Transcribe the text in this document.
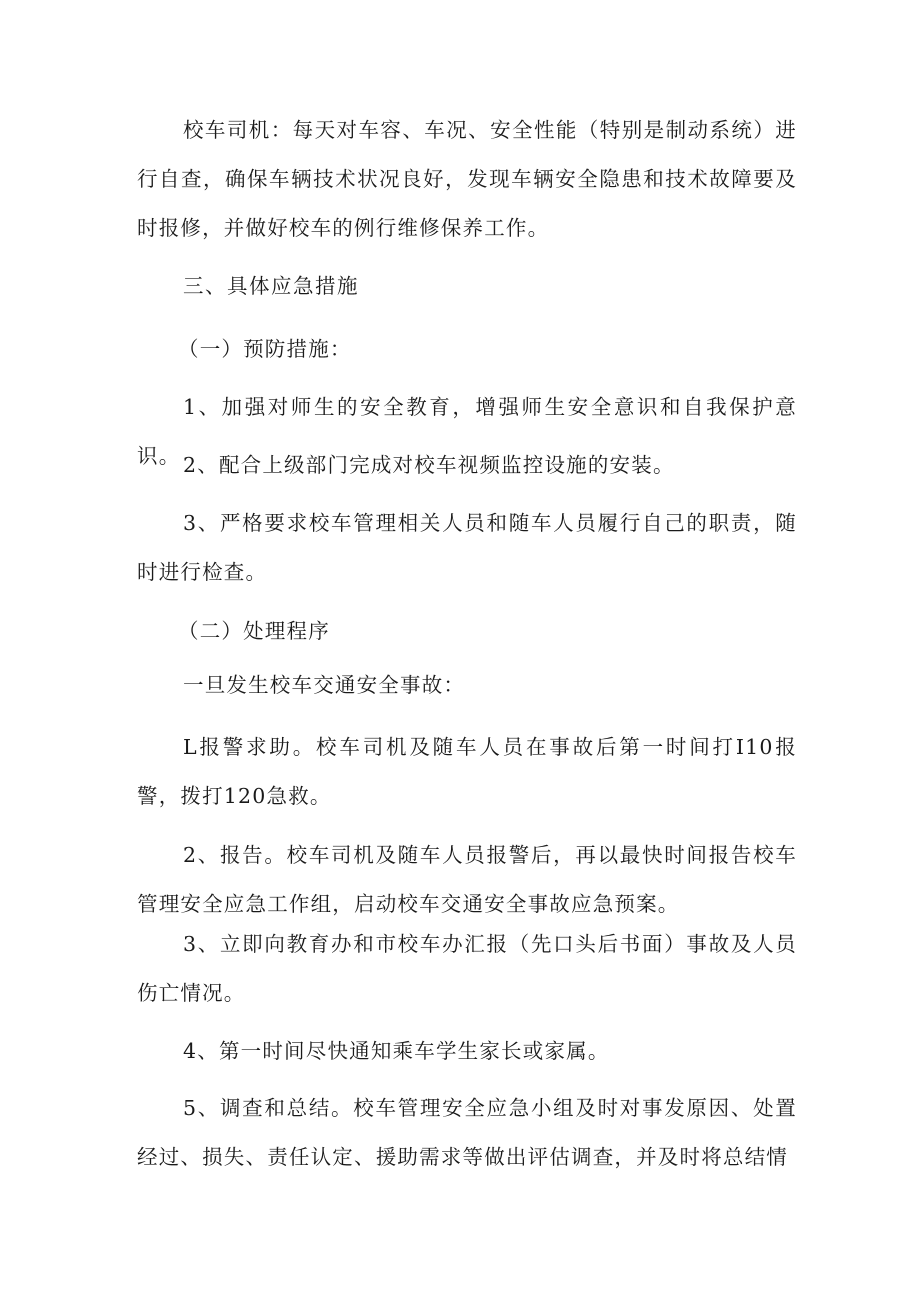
校车司机：每天对车容、车况、安全性能（特别是制动系统）进行自查，确保车辆技术状况良好，发现车辆安全隐患和技术故障要及时报修，并做好校车的例行维修保养工作。

三、具体应急措施

（一）预防措施：

1、加强对师生的安全教育，增强师生安全意识和自我保护意识。 2、配合上级部门完成对校车视频监控设施的安装。

3、严格要求校车管理相关人员和随车人员履行自己的职责，随时进行检查。

（二）处理程序

一旦发生校车交通安全事故：

L报警求助。校车司机及随车人员在事故后第一时间打I10报警，拨打120急救。

2、报告。校车司机及随车人员报警后，再以最快时间报告校车管理安全应急工作组，启动校车交通安全事故应急预案。

3、立即向教育办和市校车办汇报（先口头后书面）事故及人员伤亡情况。

4、第一时间尽快通知乘车学生家长或家属。

5、调查和总结。校车管理安全应急小组及时对事发原因、处置经过、损失、责任认定、援助需求等做出评估调查，并及时将总结情
